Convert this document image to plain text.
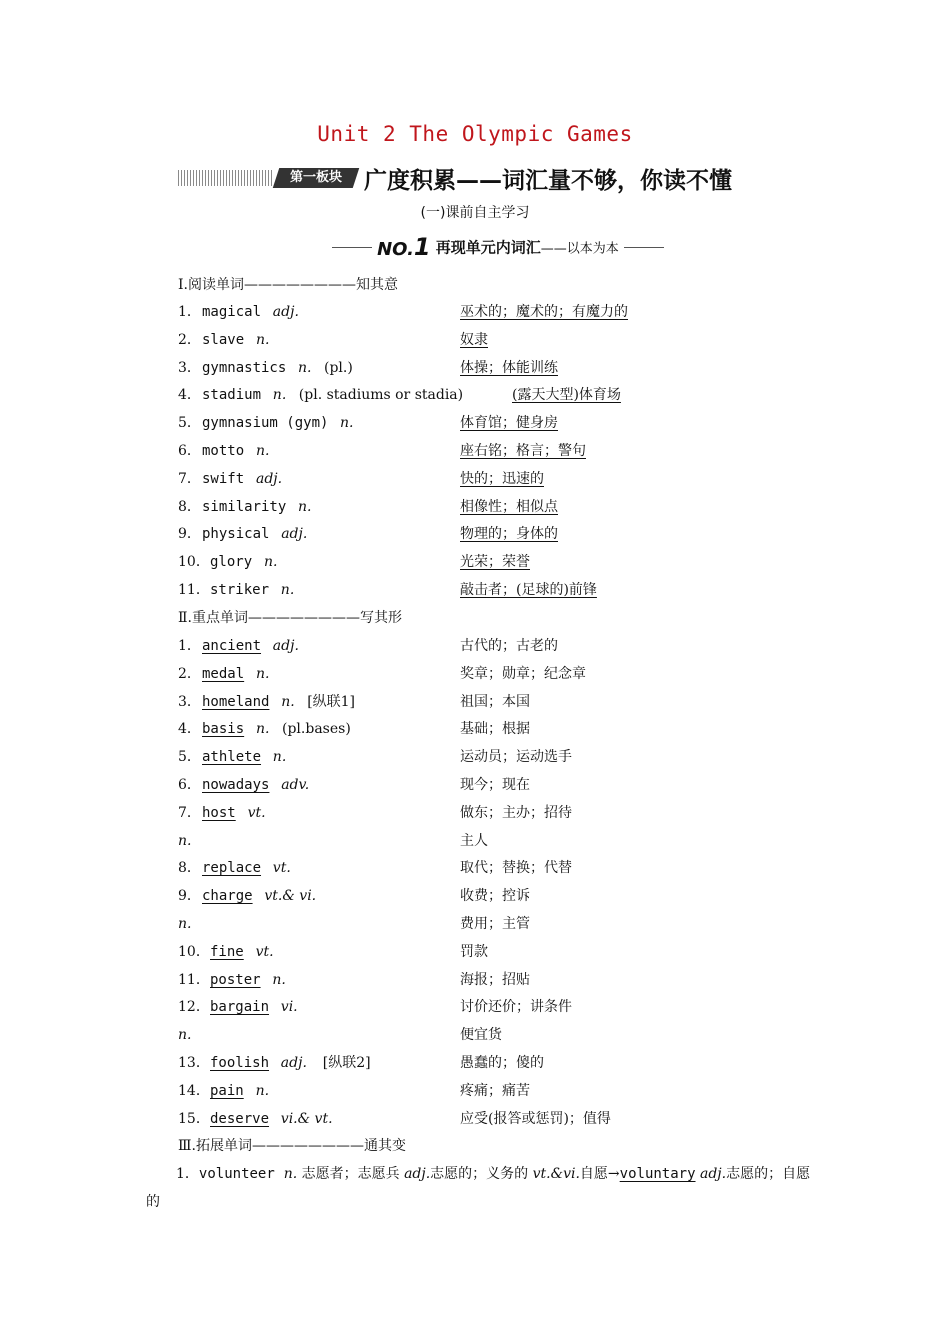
Unit 2 The Olympic Games
第一板块 广度积累——词汇量不够，你读不懂
(一)课前自主学习
NO.1 再现单元内词汇——以本为本
Ⅰ.阅读单词————————知其意
1． magical adj.	巫术的；魔术的；有魔力的
2． slave n.	奴隶
3． gymnastics n. (pl.)	体操；体能训练
4． stadium n. (pl. stadiums or stadia)	(露天大型)体育场
5． gymnasium (gym) n.	体育馆；健身房
6． motto n.	座右铭；格言；警句
7． swift adj.	快的；迅速的
8． similarity n.	相像性；相似点
9． physical adj.	物理的；身体的
10． glory n.	光荣；荣誉
11． striker n.	敲击者；(足球的)前锋
Ⅱ.重点单词————————写其形
1． ancient adj.	古代的；古老的
2． medal n.	奖章；勋章；纪念章
3． homeland n. [纵联1]	祖国；本国
4． basis n. (pl.bases)	基础；根据
5． athlete n.	运动员；运动选手
6． nowadays adv.	现今；现在
7． host vt.	做东；主办；招待
n.	主人
8． replace vt.	取代；替换；代替
9． charge vt.& vi.	收费；控诉
n.	费用；主管
10． fine vt.	罚款
11． poster n.	海报；招贴
12． bargain vi.	讨价还价；讲条件
n.	便宜货
13． foolish adj. [纵联2]	愚蠢的；傻的
14． pain n.	疼痛；痛苦
15． deserve vi.& vt.	应受(报答或惩罚)；值得
Ⅲ.拓展单词————————通其变
1．volunteer n. 志愿者；志愿兵 adj.志愿的；义务的 vt.&vi.自愿→voluntary adj.志愿的；自愿的
